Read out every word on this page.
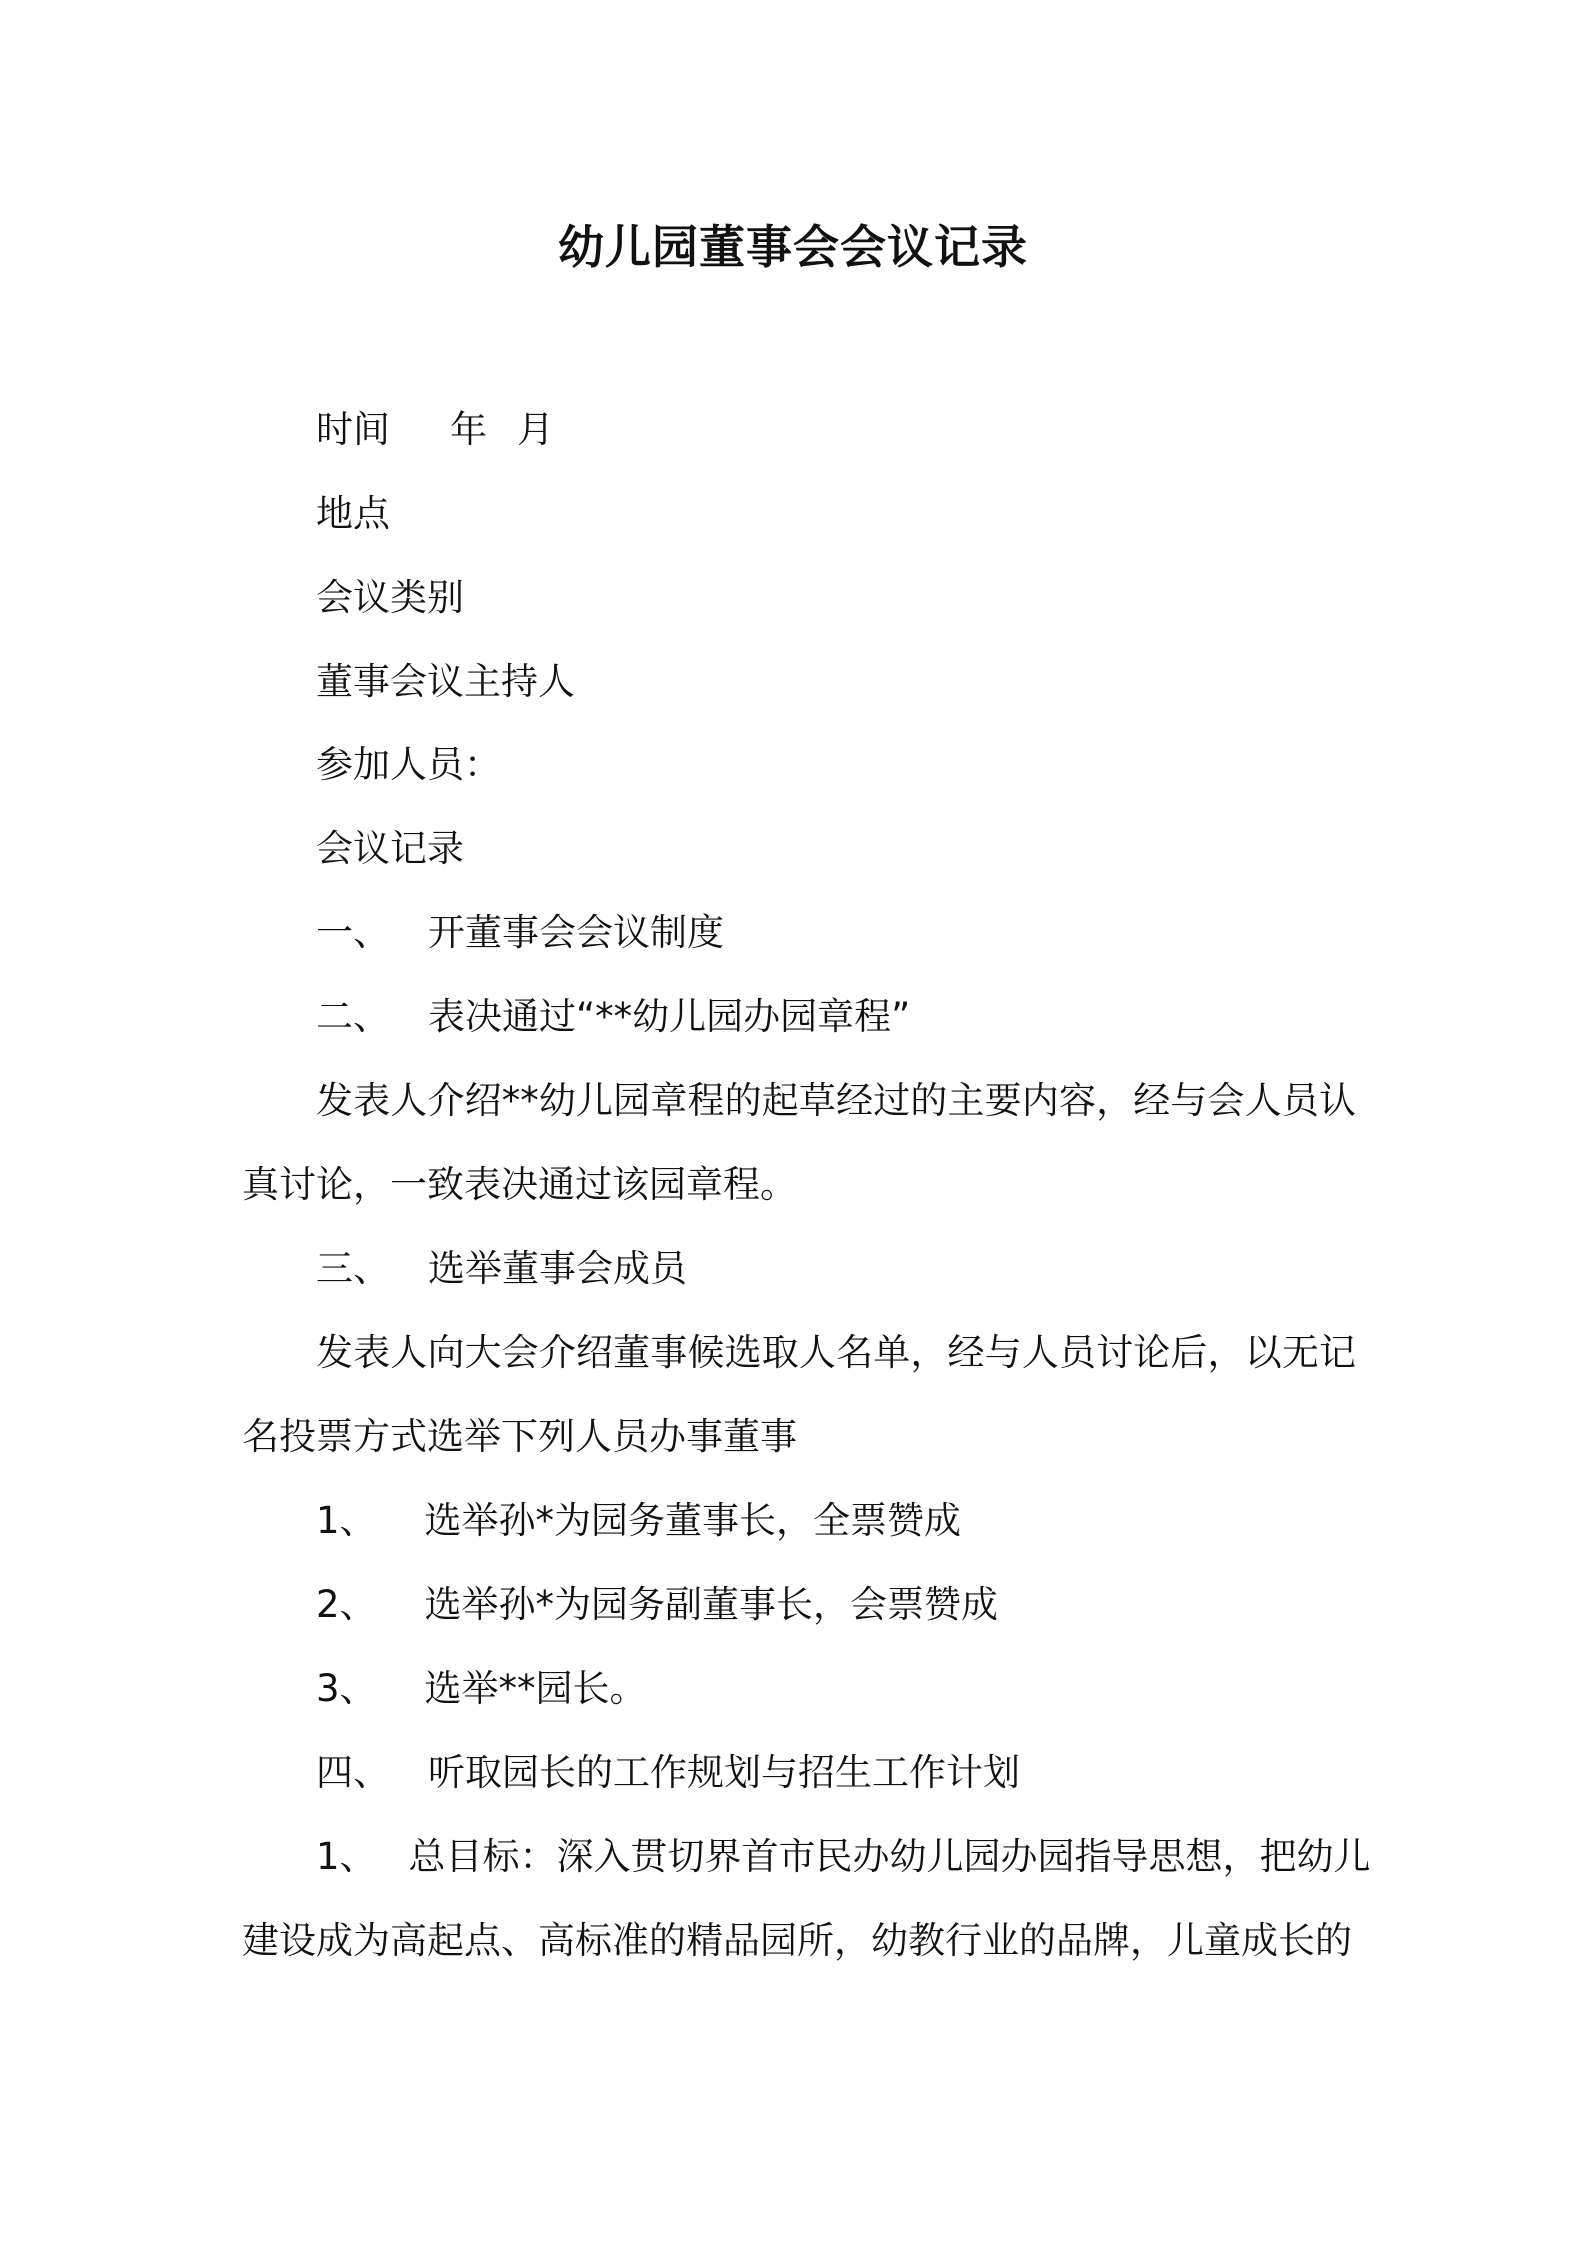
幼儿园董事会会议记录
时间 年 月
地点
会议类别
董事会议主持人
参加人员：
会议记录
一、 开董事会会议制度
二、 表决通过“**幼儿园办园章程”
发表人介绍**幼儿园章程的起草经过的主要内容，经与会人员认
真讨论，一致表决通过该园章程。
三、 选举董事会成员
发表人向大会介绍董事候选取人名单，经与人员讨论后，以无记
名投票方式选举下列人员办事董事
1、 选举孙*为园务董事长，全票赞成
2、 选举孙*为园务副董事长，会票赞成
3、 选举**园长。
四、 听取园长的工作规划与招生工作计划
1、 总目标：深入贯切界首市民办幼儿园办园指导思想，把幼儿
建设成为高起点、高标准的精品园所，幼教行业的品牌，儿童成长的
